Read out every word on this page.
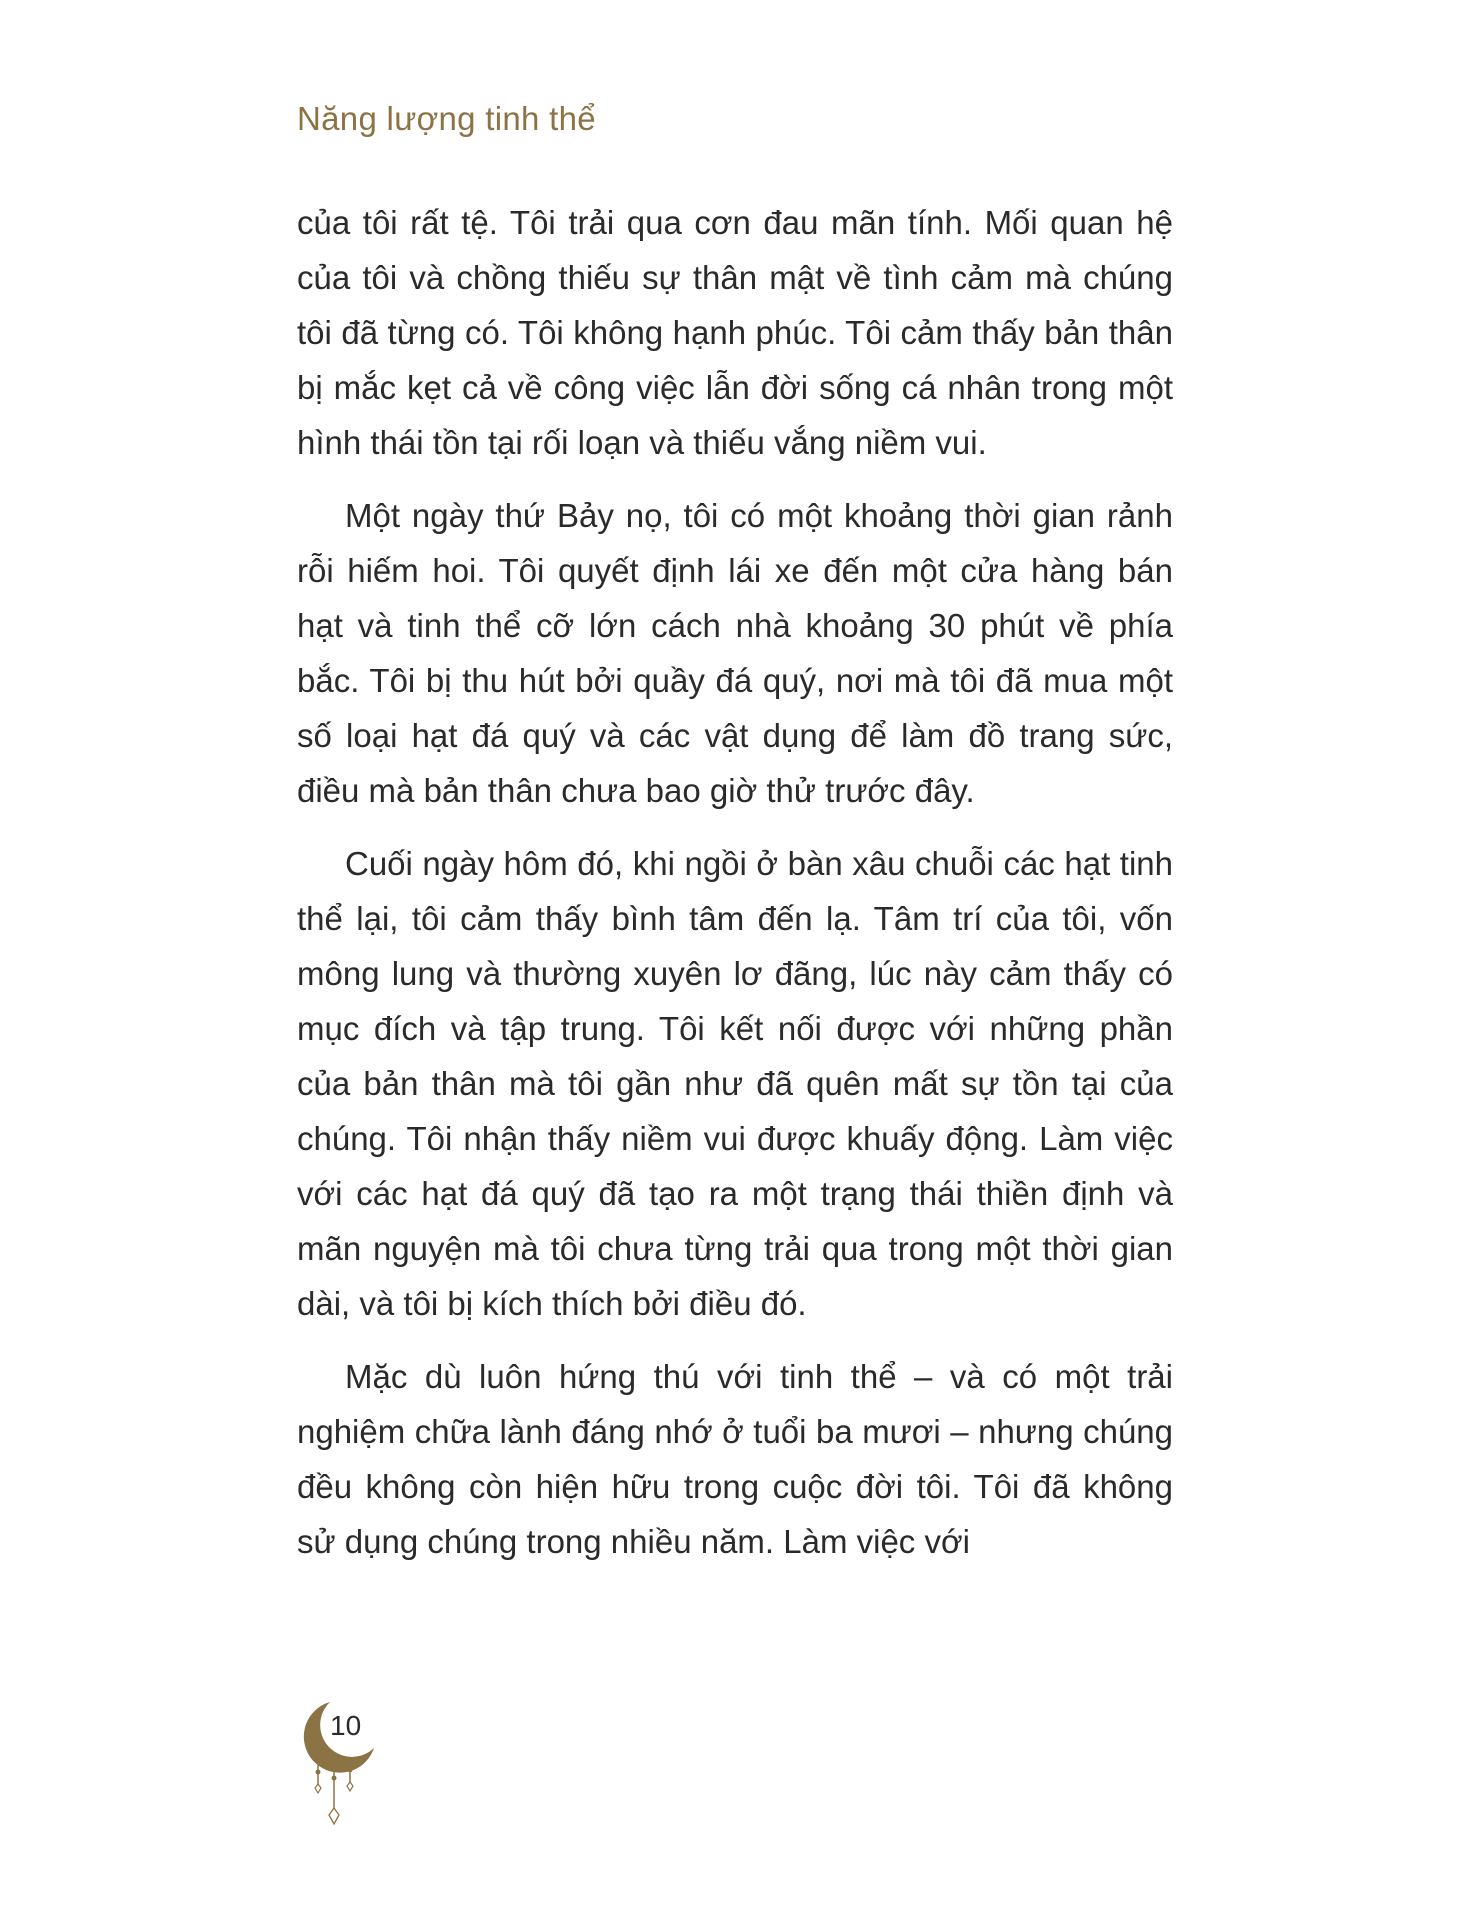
Năng lượng tinh thể

của tôi rất tệ. Tôi trải qua cơn đau mãn tính. Mối quan hệ của tôi và chồng thiếu sự thân mật về tình cảm mà chúng tôi đã từng có. Tôi không hạnh phúc. Tôi cảm thấy bản thân bị mắc kẹt cả về công việc lẫn đời sống cá nhân trong một hình thái tồn tại rối loạn và thiếu vắng niềm vui.

Một ngày thứ Bảy nọ, tôi có một khoảng thời gian rảnh rỗi hiếm hoi. Tôi quyết định lái xe đến một cửa hàng bán hạt và tinh thể cỡ lớn cách nhà khoảng 30 phút về phía bắc. Tôi bị thu hút bởi quầy đá quý, nơi mà tôi đã mua một số loại hạt đá quý và các vật dụng để làm đồ trang sức, điều mà bản thân chưa bao giờ thử trước đây.

Cuối ngày hôm đó, khi ngồi ở bàn xâu chuỗi các hạt tinh thể lại, tôi cảm thấy bình tâm đến lạ. Tâm trí của tôi, vốn mông lung và thường xuyên lơ đãng, lúc này cảm thấy có mục đích và tập trung. Tôi kết nối được với những phần của bản thân mà tôi gần như đã quên mất sự tồn tại của chúng. Tôi nhận thấy niềm vui được khuấy động. Làm việc với các hạt đá quý đã tạo ra một trạng thái thiền định và mãn nguyện mà tôi chưa từng trải qua trong một thời gian dài, và tôi bị kích thích bởi điều đó.

Mặc dù luôn hứng thú với tinh thể – và có một trải nghiệm chữa lành đáng nhớ ở tuổi ba mươi – nhưng chúng đều không còn hiện hữu trong cuộc đời tôi. Tôi đã không sử dụng chúng trong nhiều năm. Làm việc với

10
